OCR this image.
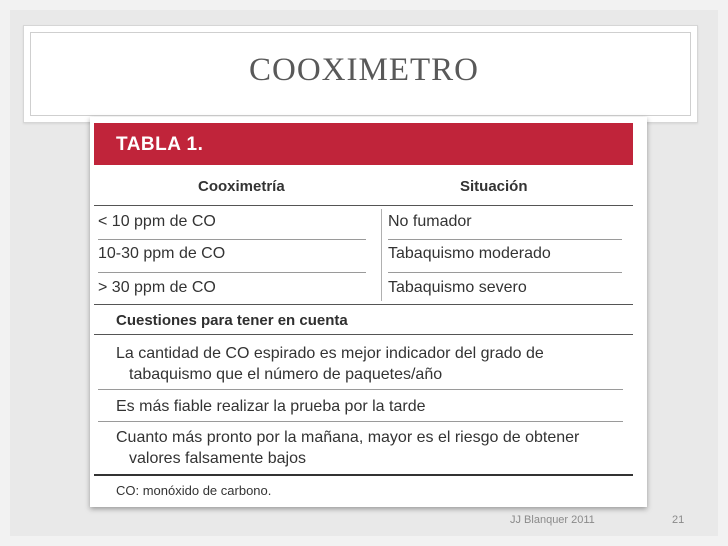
COOXIMETRO
TABLA 1.
Cooximetría	Situación
< 10 ppm de CO	No fumador
10-30 ppm de CO	Tabaquismo moderado
> 30 ppm de CO	Tabaquismo severo
Cuestiones para tener en cuenta
La cantidad de CO espirado es mejor indicador del grado de
tabaquismo que el número de paquetes/año
Es más fiable realizar la prueba por la tarde
Cuanto más pronto por la mañana, mayor es el riesgo de obtener
valores falsamente bajos
CO: monóxido de carbono.
JJ Blanquer 2011	21
